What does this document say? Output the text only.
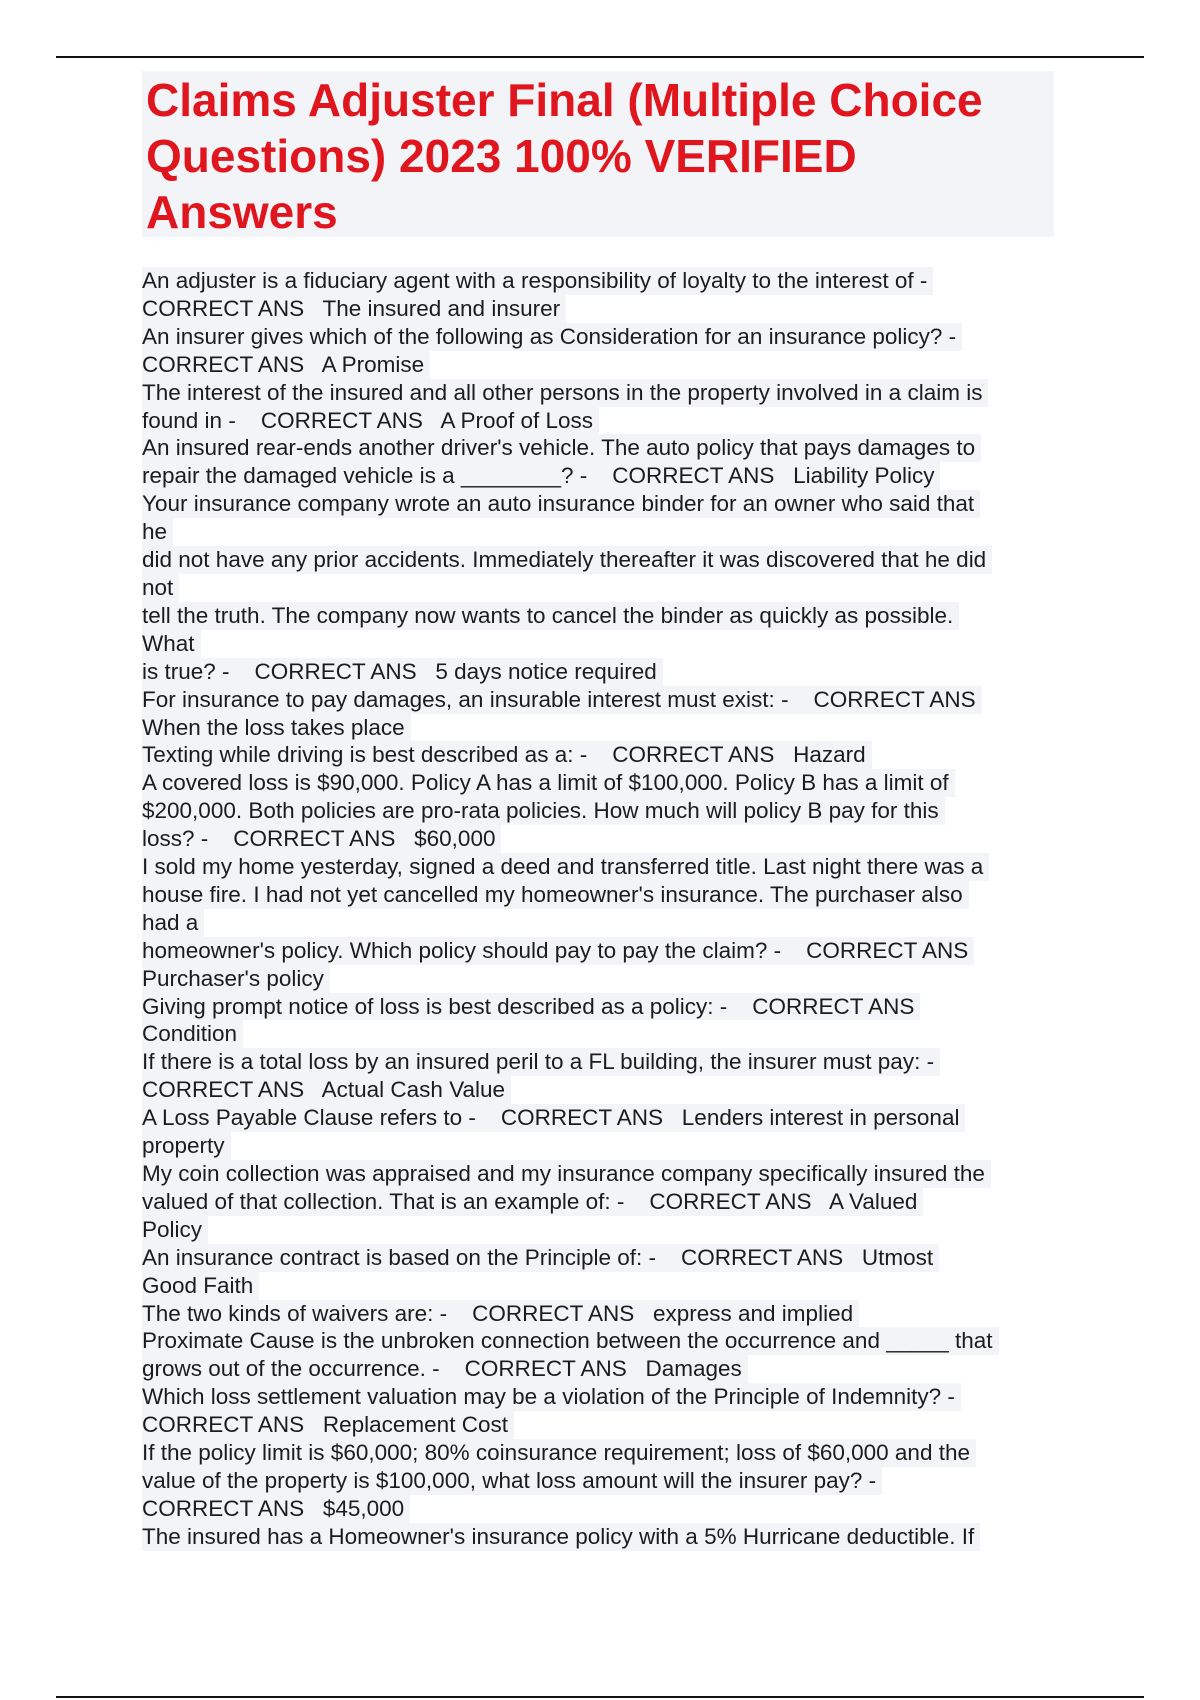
Claims Adjuster Final (Multiple Choice Questions) 2023 100% VERIFIED Answers
An adjuster is a fiduciary agent with a responsibility of loyalty to the interest of -
CORRECT ANS   The insured and insurer
An insurer gives which of the following as Consideration for an insurance policy? -
CORRECT ANS   A Promise
The interest of the insured and all other persons in the property involved in a claim is
found in -    CORRECT ANS   A Proof of Loss
An insured rear-ends another driver's vehicle. The auto policy that pays damages to
repair the damaged vehicle is a ________? -    CORRECT ANS   Liability Policy
Your insurance company wrote an auto insurance binder for an owner who said that
he
did not have any prior accidents. Immediately thereafter it was discovered that he did
not
tell the truth. The company now wants to cancel the binder as quickly as possible.
What
is true? -    CORRECT ANS   5 days notice required
For insurance to pay damages, an insurable interest must exist: -    CORRECT ANS
When the loss takes place
Texting while driving is best described as a: -    CORRECT ANS   Hazard
A covered loss is $90,000. Policy A has a limit of $100,000. Policy B has a limit of
$200,000. Both policies are pro-rata policies. How much will policy B pay for this
loss? -    CORRECT ANS   $60,000
I sold my home yesterday, signed a deed and transferred title. Last night there was a
house fire. I had not yet cancelled my homeowner's insurance. The purchaser also
had a
homeowner's policy. Which policy should pay to pay the claim? -    CORRECT ANS
Purchaser's policy
Giving prompt notice of loss is best described as a policy: -    CORRECT ANS
Condition
If there is a total loss by an insured peril to a FL building, the insurer must pay: -
CORRECT ANS   Actual Cash Value
A Loss Payable Clause refers to -    CORRECT ANS   Lenders interest in personal
property
My coin collection was appraised and my insurance company specifically insured the
valued of that collection. That is an example of: -    CORRECT ANS   A Valued
Policy
An insurance contract is based on the Principle of: -    CORRECT ANS   Utmost
Good Faith
The two kinds of waivers are: -    CORRECT ANS   express and implied
Proximate Cause is the unbroken connection between the occurrence and _____ that
grows out of the occurrence. -    CORRECT ANS   Damages
Which loss settlement valuation may be a violation of the Principle of Indemnity? -
CORRECT ANS   Replacement Cost
If the policy limit is $60,000; 80% coinsurance requirement; loss of $60,000 and the
value of the property is $100,000, what loss amount will the insurer pay? -
CORRECT ANS   $45,000
The insured has a Homeowner's insurance policy with a 5% Hurricane deductible. If
